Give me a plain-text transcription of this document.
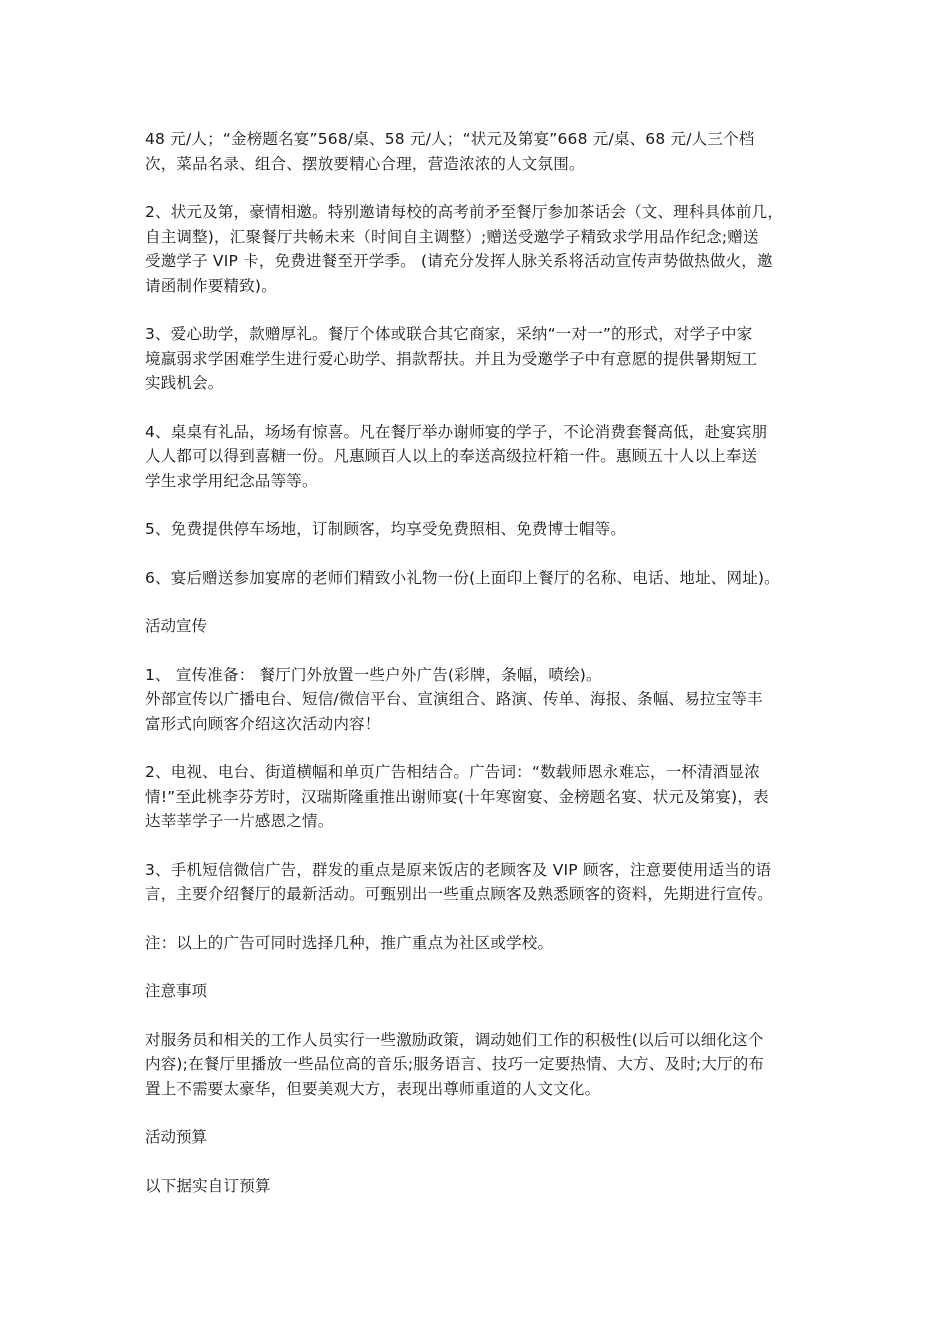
48 元/人；“金榜题名宴”568/桌、58 元/人；“状元及第宴”668 元/桌、68 元/人三个档
次，菜品名录、组合、摆放要精心合理，营造浓浓的人文氛围。
2、状元及第，豪情相邀。特别邀请每校的高考前矛至餐厅参加茶话会（文、理科具体前几，
自主调整)，汇聚餐厅共畅未来（时间自主调整）;赠送受邀学子精致求学用品作纪念;赠送
受邀学子 VIP 卡，免费进餐至开学季。 (请充分发挥人脉关系将活动宣传声势做热做火，邀
请函制作要精致)。
3、爱心助学，款赠厚礼。餐厅个体或联合其它商家，采纳“一对一”的形式，对学子中家
境羸弱求学困难学生进行爱心助学、捐款帮扶。并且为受邀学子中有意愿的提供暑期短工
实践机会。
4、桌桌有礼品，场场有惊喜。凡在餐厅举办谢师宴的学子，不论消费套餐高低，赴宴宾朋
人人都可以得到喜糖一份。凡惠顾百人以上的奉送高级拉杆箱一件。惠顾五十人以上奉送
学生求学用纪念品等等。
5、免费提供停车场地，订制顾客，均享受免费照相、免费博士帽等。
6、宴后赠送参加宴席的老师们精致小礼物一份(上面印上餐厅的名称、电话、地址、网址)。
活动宣传
1、 宣传准备： 餐厅门外放置一些户外广告(彩牌，条幅，喷绘)。
外部宣传以广播电台、短信/微信平台、宣演组合、路演、传单、海报、条幅、易拉宝等丰
富形式向顾客介绍这次活动内容！
2、电视、电台、街道横幅和单页广告相结合。广告词：“数载师恩永难忘，一杯清酒显浓
情!”至此桃李芬芳时，汉瑞斯隆重推出谢师宴(十年寒窗宴、金榜题名宴、状元及第宴)，表
达莘莘学子一片感恩之情。
3、手机短信微信广告，群发的重点是原来饭店的老顾客及 VIP 顾客，注意要使用适当的语
言，主要介绍餐厅的最新活动。可甄别出一些重点顾客及熟悉顾客的资料，先期进行宣传。
注：以上的广告可同时选择几种，推广重点为社区或学校。
注意事项
对服务员和相关的工作人员实行一些激励政策，调动她们工作的积极性(以后可以细化这个
内容);在餐厅里播放一些品位高的音乐;服务语言、技巧一定要热情、大方、及时;大厅的布
置上不需要太豪华，但要美观大方，表现出尊师重道的人文文化。
活动预算
以下据实自订预算
